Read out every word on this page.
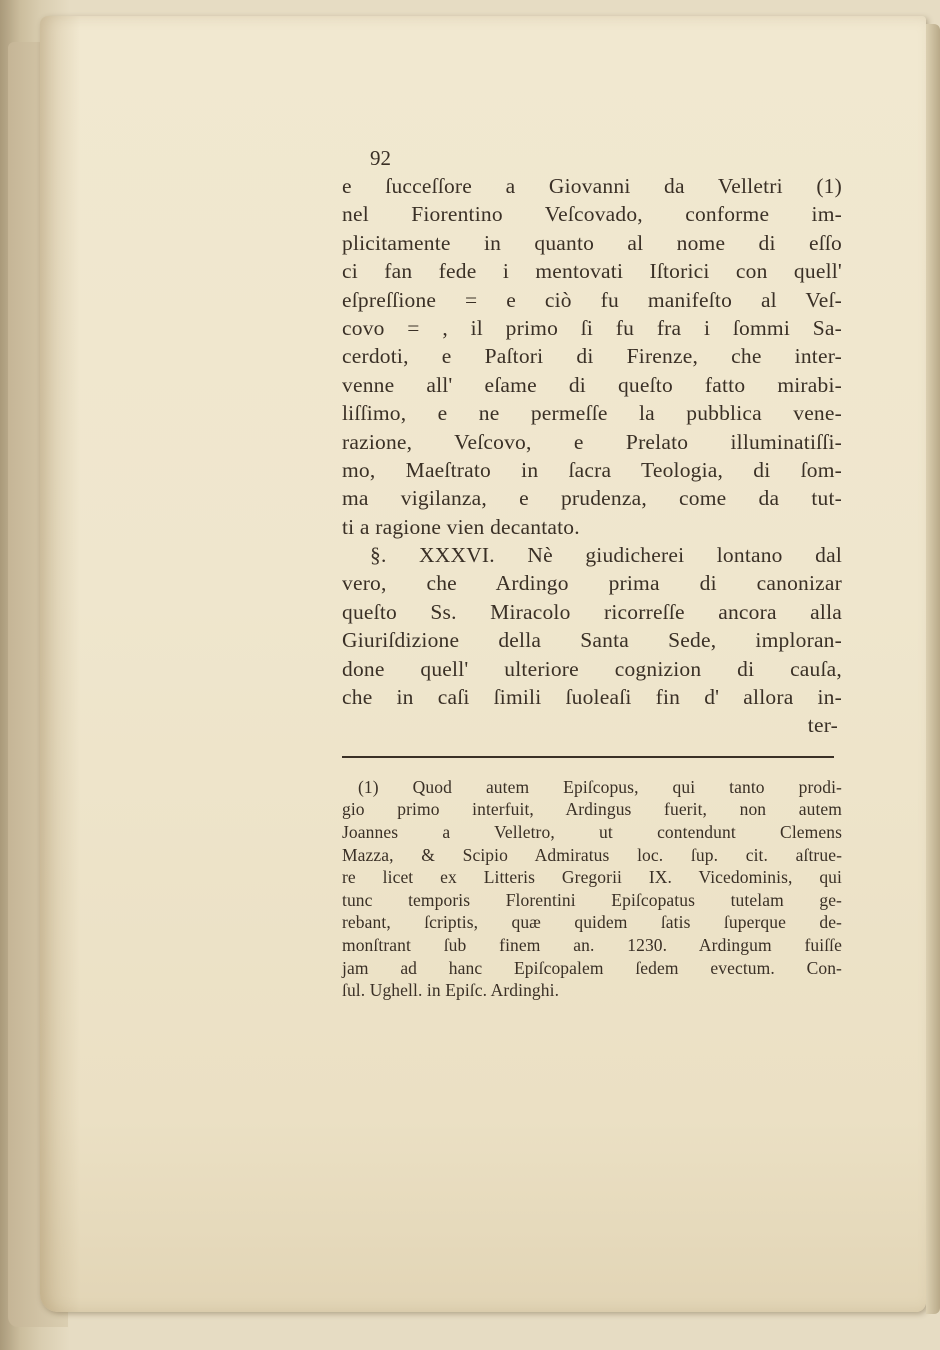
92
e ſucceſſore a Giovanni da Velletri (1)
nel Fiorentino Veſcovado, conforme im-
plicitamente in quanto al nome di eſſo
ci fan fede i mentovati Iſtorici con quell'
eſpreſſione = e ciò fu manifeſto al Veſ-
covo = , il primo ſi fu fra i ſommi Sa-
cerdoti, e Paſtori di Firenze, che inter-
venne all' eſame di queſto fatto mirabi-
liſſimo, e ne permeſſe la pubblica vene-
razione, Veſcovo, e Prelato illuminatiſſi-
mo, Maeſtrato in ſacra Teologia, di ſom-
ma vigilanza, e prudenza, come da tut-
ti a ragione vien decantato.
§. XXXVI. Nè giudicherei lontano dal
vero, che Ardingo prima di canonizar
queſto Ss. Miracolo ricorreſſe ancora alla
Giuriſdizione della Santa Sede, imploran-
done quell' ulteriore cognizion di cauſa,
che in caſi ſimili ſuoleaſi fin d' allora in-
ter-
(1) Quod autem Epiſcopus, qui tanto prodi-
gio primo interfuit, Ardingus fuerit, non autem
Joannes a Velletro, ut contendunt Clemens
Mazza, & Scipio Admiratus loc. ſup. cit. aſtrue-
re licet ex Litteris Gregorii IX. Vicedominis, qui
tunc temporis Florentini Epiſcopatus tutelam ge-
rebant, ſcriptis, quæ quidem ſatis ſuperque de-
monſtrant ſub finem an. 1230. Ardingum fuiſſe
jam ad hanc Epiſcopalem ſedem evectum. Con-
ſul. Ughell. in Epiſc. Ardinghi.
